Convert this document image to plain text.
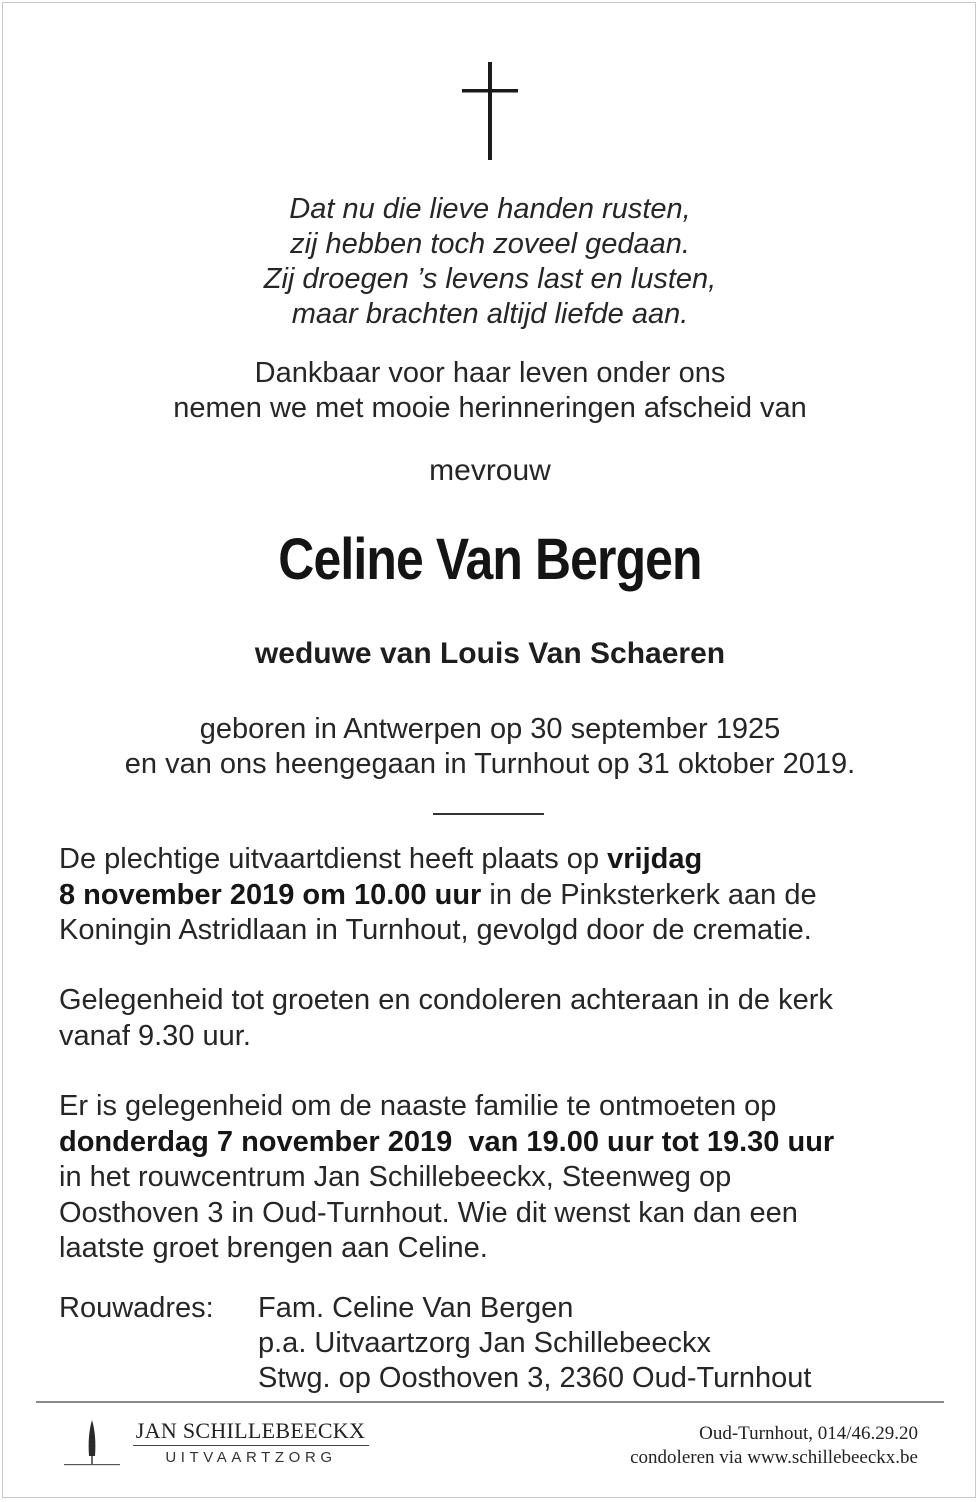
Dat nu die lieve handen rusten,
zij hebben toch zoveel gedaan.
Zij droegen ’s levens last en lusten,
maar brachten altijd liefde aan.
Dankbaar voor haar leven onder ons
nemen we met mooie herinneringen afscheid van
mevrouw
Celine Van Bergen
weduwe van Louis Van Schaeren
geboren in Antwerpen op 30 september 1925
en van ons heengegaan in Turnhout op 31 oktober 2019.
De plechtige uitvaartdienst heeft plaats op vrijdag
8 november 2019 om 10.00 uur in de Pinksterkerk aan de
Koningin Astridlaan in Turnhout, gevolgd door de crematie.
Gelegenheid tot groeten en condoleren achteraan in de kerk
vanaf 9.30 uur.
Er is gelegenheid om de naaste familie te ontmoeten op
donderdag 7 november 2019  van 19.00 uur tot 19.30 uur
in het rouwcentrum Jan Schillebeeckx, Steenweg op
Oosthoven 3 in Oud-Turnhout. Wie dit wenst kan dan een
laatste groet brengen aan Celine.
Rouwadres: Fam. Celine Van Bergen
p.a. Uitvaartzorg Jan Schillebeeckx
Stwg. op Oosthoven 3, 2360 Oud-Turnhout
JAN SCHILLEBEECKX
UITVAARTZORG
Oud-Turnhout, 014/46.29.20
condoleren via www.schillebeeckx.be
